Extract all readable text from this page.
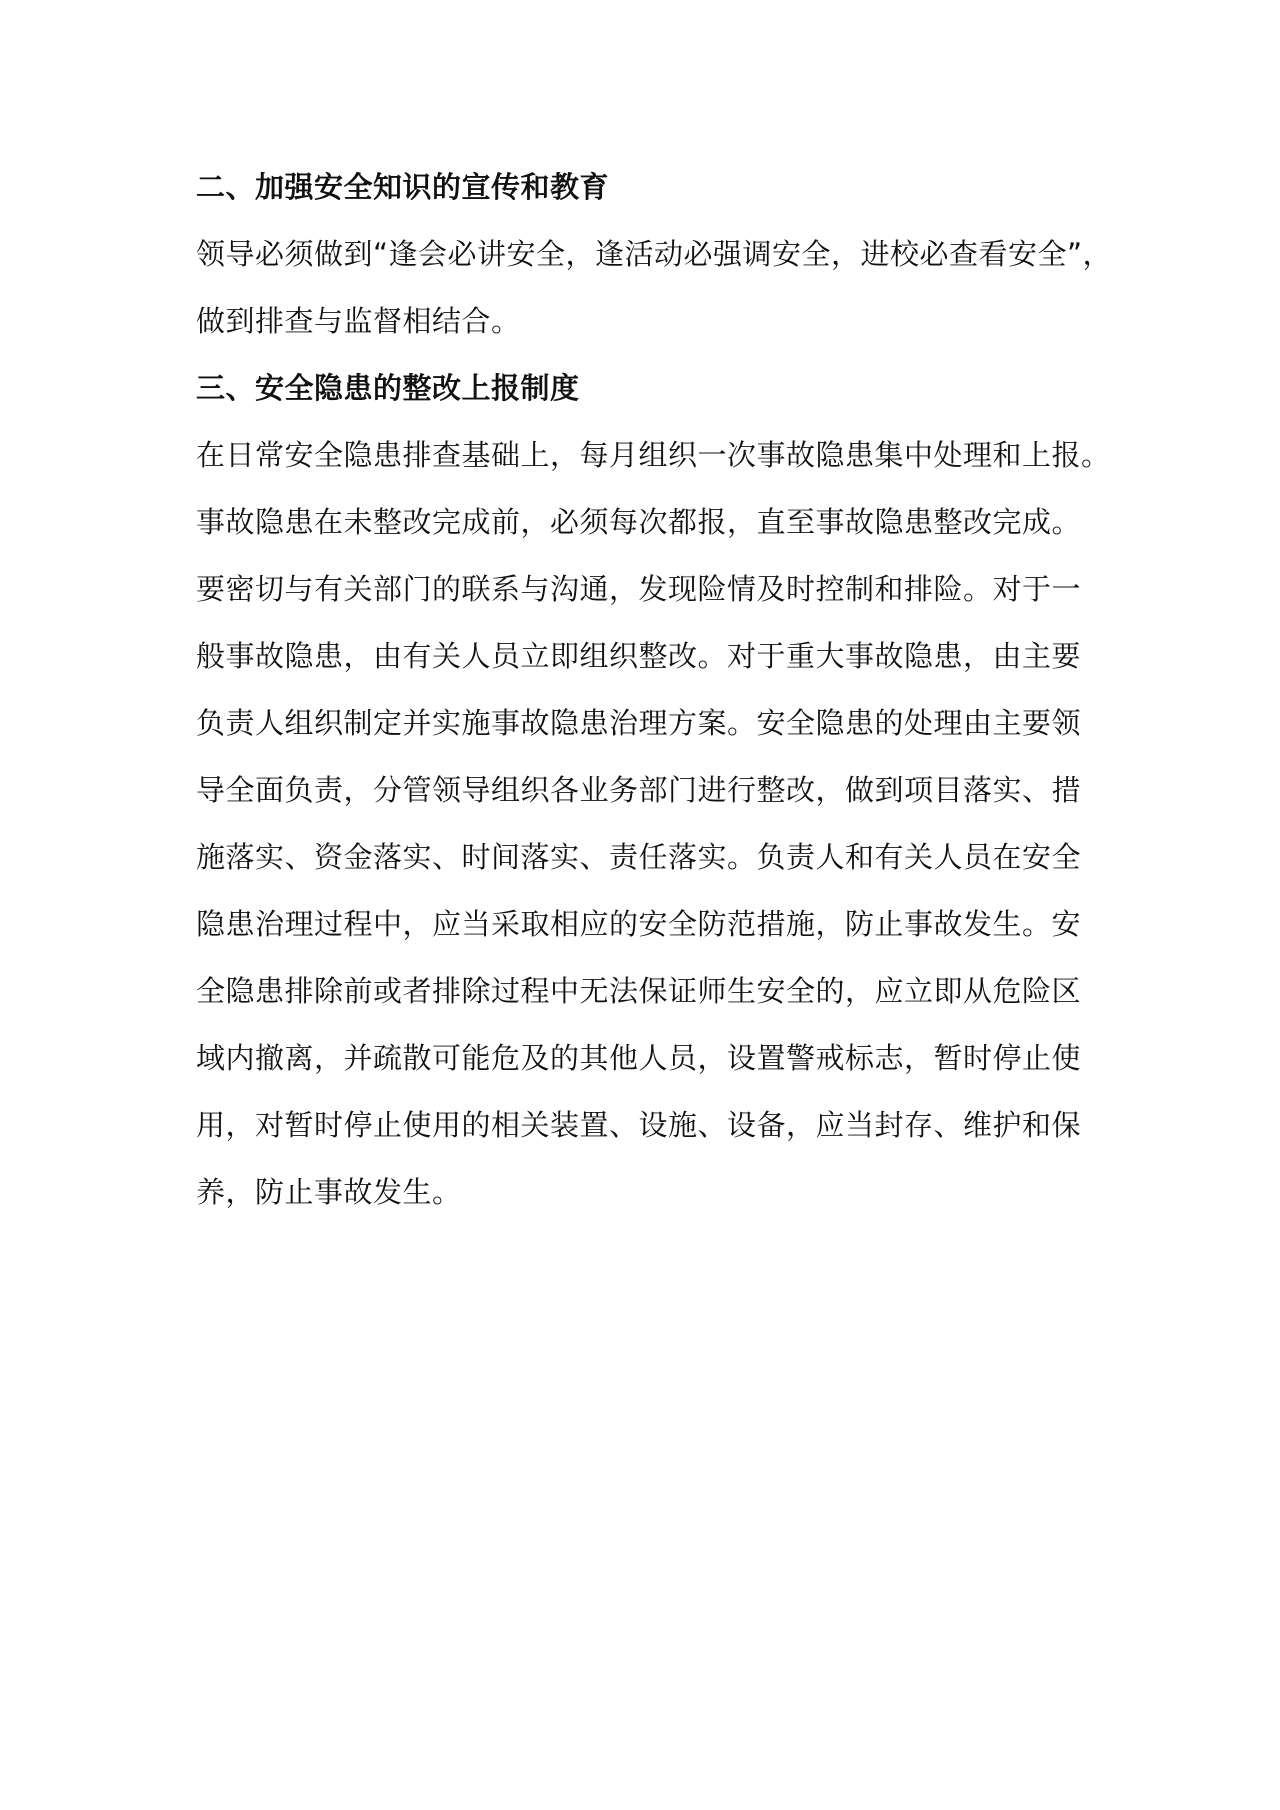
二、加强安全知识的宣传和教育
领导必须做到“逢会必讲安全，逢活动必强调安全，进校必查看安全”，
做到排查与监督相结合。
三、安全隐患的整改上报制度
在日常安全隐患排查基础上，每月组织一次事故隐患集中处理和上报。
事故隐患在未整改完成前，必须每次都报，直至事故隐患整改完成。
要密切与有关部门的联系与沟通，发现险情及时控制和排险。对于一
般事故隐患，由有关人员立即组织整改。对于重大事故隐患，由主要
负责人组织制定并实施事故隐患治理方案。安全隐患的处理由主要领
导全面负责，分管领导组织各业务部门进行整改，做到项目落实、措
施落实、资金落实、时间落实、责任落实。负责人和有关人员在安全
隐患治理过程中，应当采取相应的安全防范措施，防止事故发生。安
全隐患排除前或者排除过程中无法保证师生安全的，应立即从危险区
域内撤离，并疏散可能危及的其他人员，设置警戒标志，暂时停止使
用，对暂时停止使用的相关装置、设施、设备，应当封存、维护和保
养，防止事故发生。
